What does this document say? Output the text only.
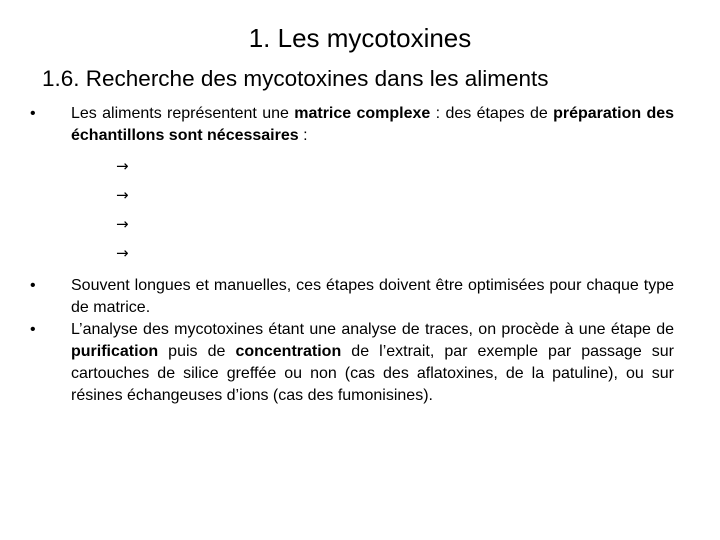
1. Les mycotoxines
1.6. Recherche des mycotoxines dans les aliments
• Les aliments représentent une matrice complexe : des étapes de préparation des échantillons sont nécessaires :
→
→
→
→
• Souvent longues et manuelles, ces étapes doivent être optimisées pour chaque type de matrice.
• L’analyse des mycotoxines étant une analyse de traces, on procède à une étape de purification puis de concentration de l’extrait, par exemple par passage sur cartouches de silice greffée ou non (cas des aflatoxines, de la patuline), ou sur résines échangeuses d’ions (cas des fumonisines).
